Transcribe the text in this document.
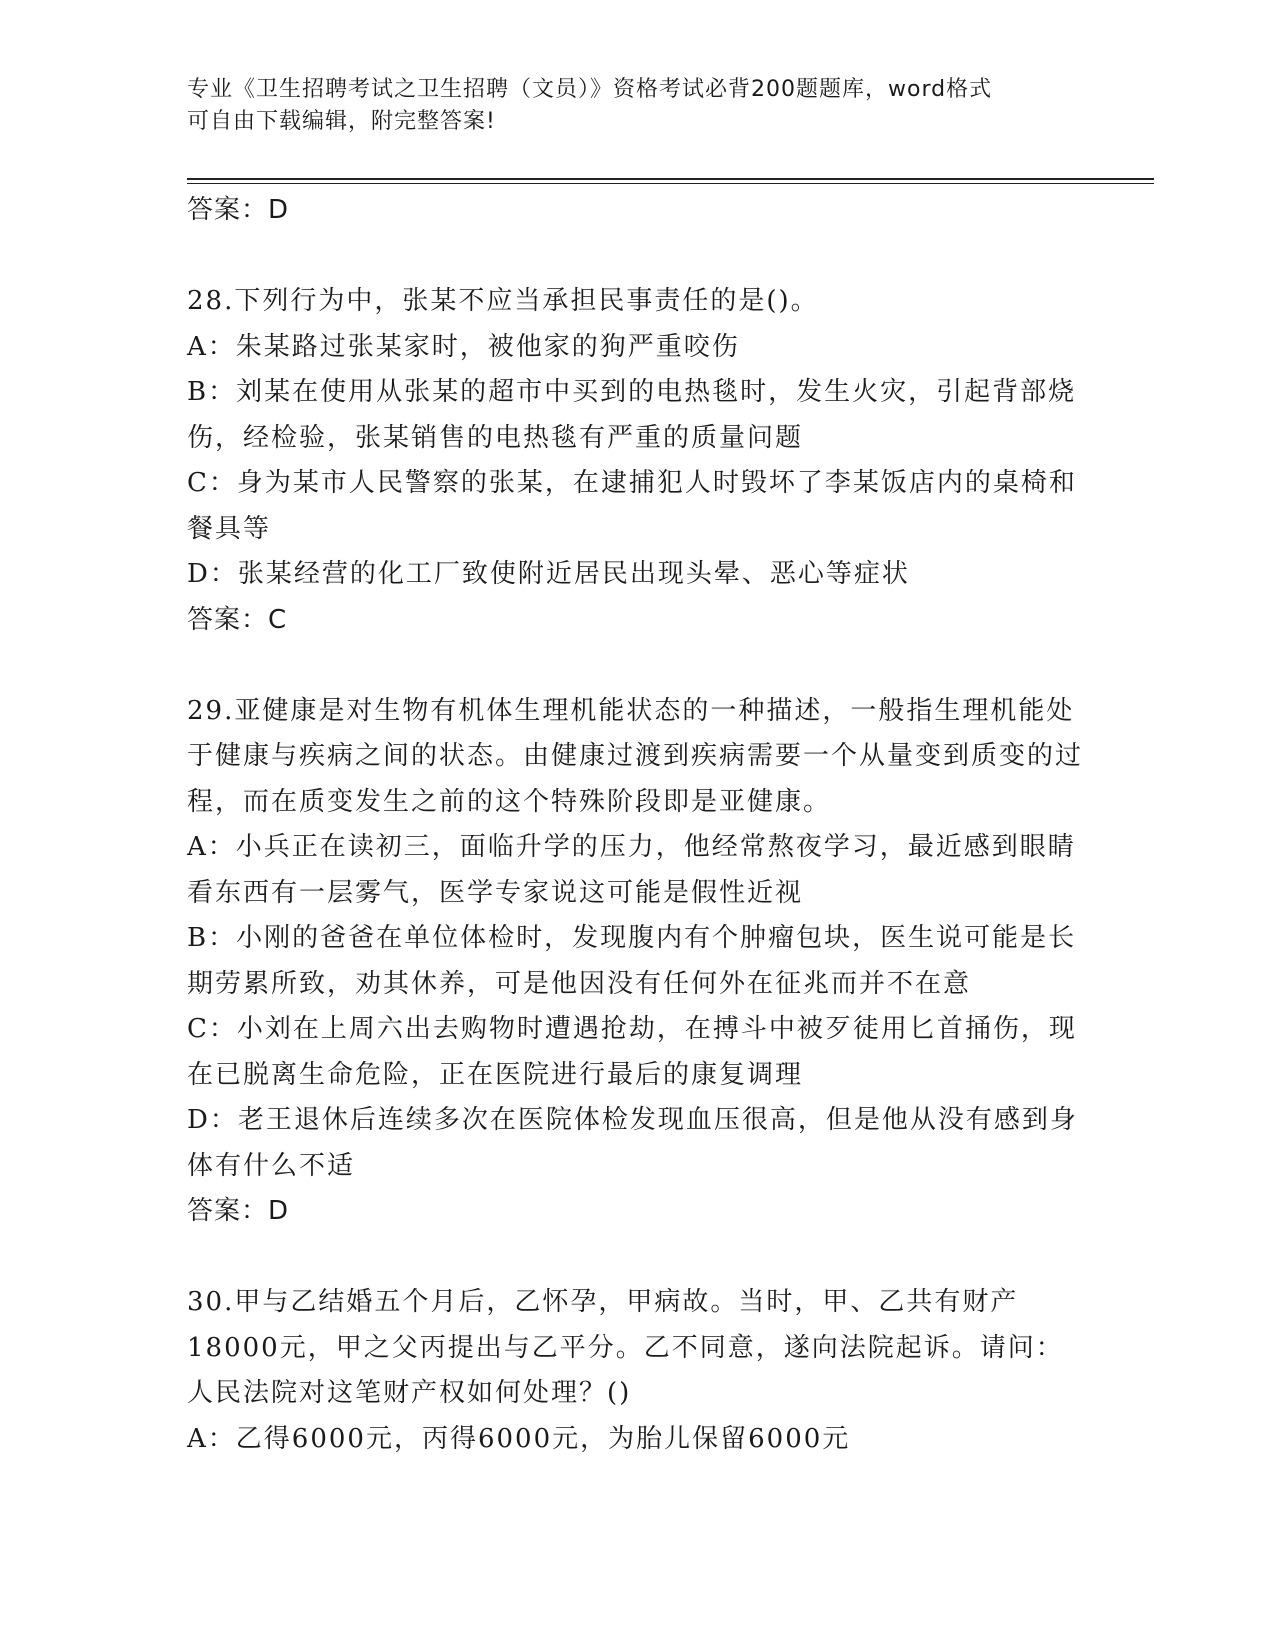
专业《卫生招聘考试之卫生招聘（文员）》资格考试必背200题题库，word格式
可自由下载编辑，附完整答案!

答案：D

28.下列行为中，张某不应当承担民事责任的是()。

A：朱某路过张某家时，被他家的狗严重咬伤

B：刘某在使用从张某的超市中买到的电热毯时，发生火灾，引起背部烧伤，经检验，张某销售的电热毯有严重的质量问题

C：身为某市人民警察的张某，在逮捕犯人时毁坏了李某饭店内的桌椅和餐具等

D：张某经营的化工厂致使附近居民出现头晕、恶心等症状

答案：C

29.亚健康是对生物有机体生理机能状态的一种描述，一般指生理机能处于健康与疾病之间的状态。由健康过渡到疾病需要一个从量变到质变的过程，而在质变发生之前的这个特殊阶段即是亚健康。

A：小兵正在读初三，面临升学的压力，他经常熬夜学习，最近感到眼睛看东西有一层雾气，医学专家说这可能是假性近视

B：小刚的爸爸在单位体检时，发现腹内有个肿瘤包块，医生说可能是长期劳累所致，劝其休养，可是他因没有任何外在征兆而并不在意

C：小刘在上周六出去购物时遭遇抢劫，在搏斗中被歹徒用匕首捅伤，现在已脱离生命危险，正在医院进行最后的康复调理

D：老王退休后连续多次在医院体检发现血压很高，但是他从没有感到身体有什么不适

答案：D

30.甲与乙结婚五个月后，乙怀孕，甲病故。当时，甲、乙共有财产18000元，甲之父丙提出与乙平分。乙不同意，遂向法院起诉。请问：人民法院对这笔财产权如何处理？()

A：乙得6000元，丙得6000元，为胎儿保留6000元
